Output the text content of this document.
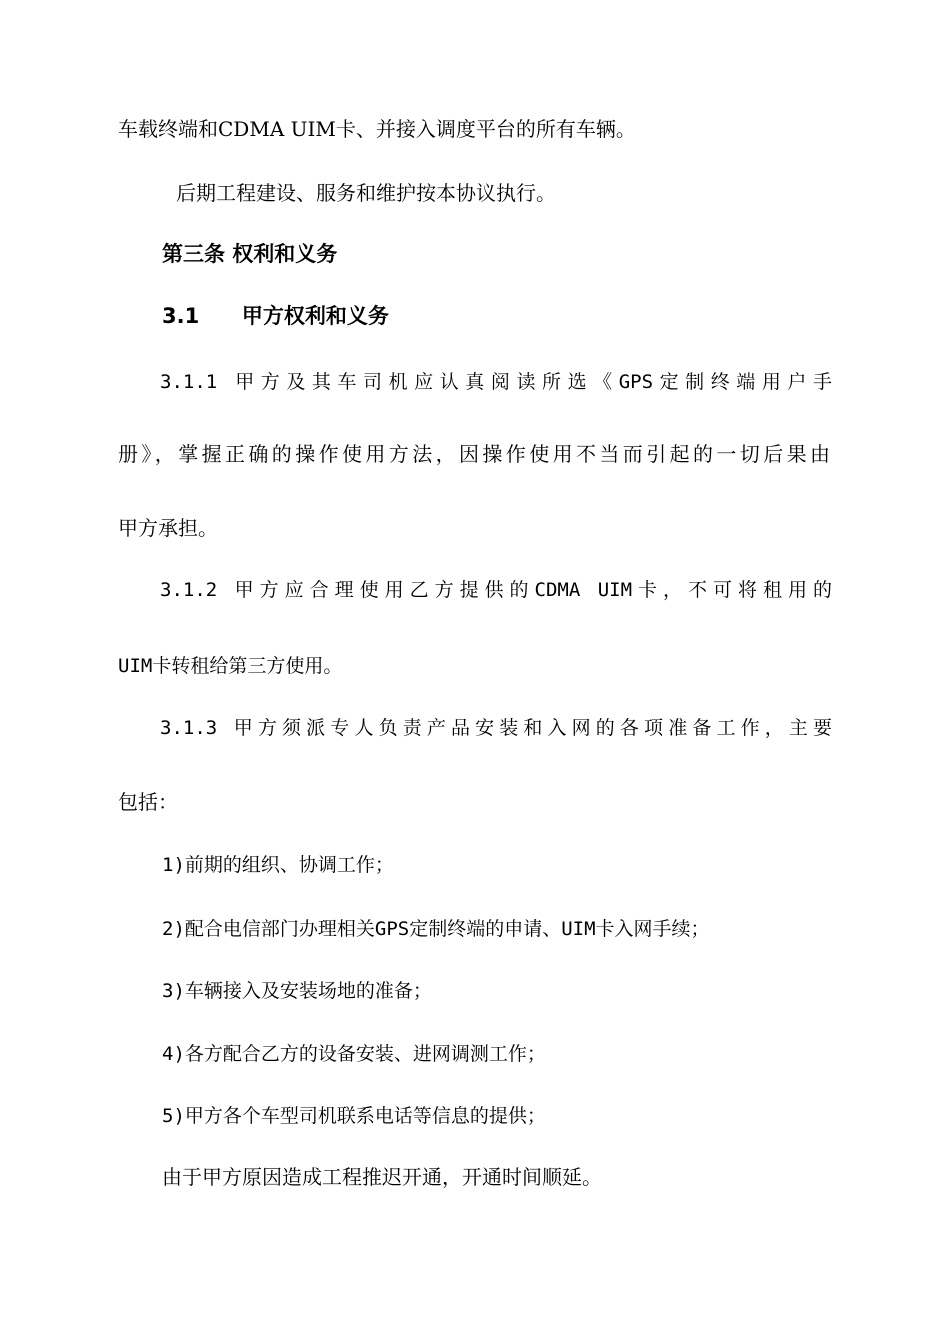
车载终端和CDMA UIM卡、并接入调度平台的所有车辆。

后期工程建设、服务和维护按本协议执行。

第三条 权利和义务

3.1 甲方权利和义务

3.1.1 甲方及其车司机应认真阅读所选《GPS定制终端用户手

册》，掌握正确的操作使用方法，因操作使用不当而引起的一切后果由

甲方承担。

3.1.2 甲方应合理使用乙方提供的CDMA UIM卡，不可将租用的

UIM卡转租给第三方使用。

3.1.3 甲方须派专人负责产品安装和入网的各项准备工作，主要

包括：

1)前期的组织、协调工作；

2)配合电信部门办理相关GPS定制终端的申请、UIM卡入网手续；

3)车辆接入及安装场地的准备；

4)各方配合乙方的设备安装、进网调测工作；

5)甲方各个车型司机联系电话等信息的提供；

由于甲方原因造成工程推迟开通，开通时间顺延。
